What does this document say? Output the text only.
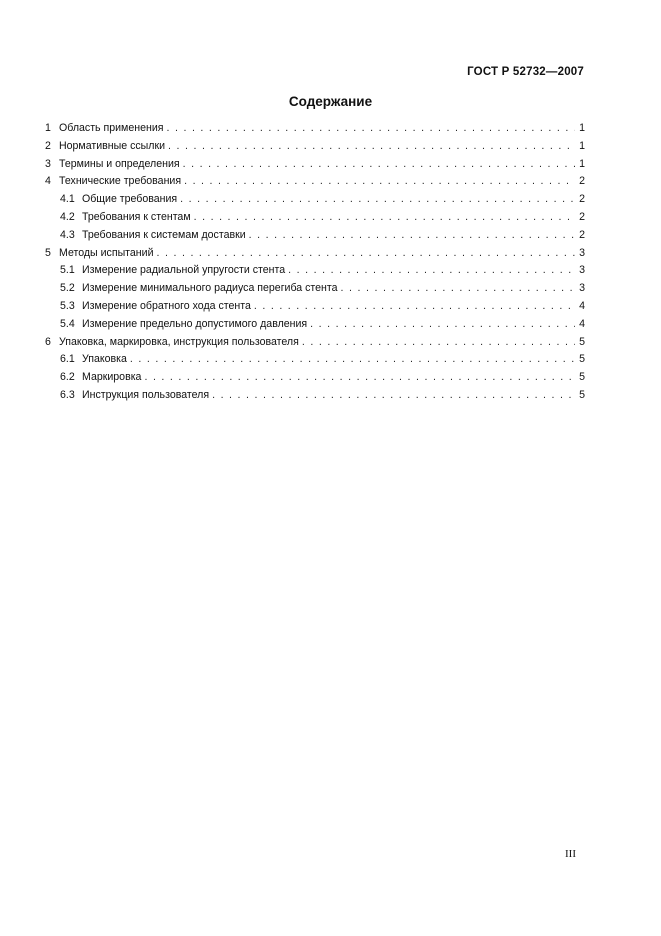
ГОСТ Р 52732—2007
Содержание
1 Область применения . . .	1
2 Нормативные ссылки . . .	1
3 Термины и определения . . .	1
4 Технические требования . . .	2
4.1 Общие требования . . .	2
4.2 Требования к стентам . . .	2
4.3 Требования к системам доставки . . .	2
5 Методы испытаний . . .	3
5.1 Измерение радиальной упругости стента . . .	3
5.2 Измерение минимального радиуса перегиба стента . . .	3
5.3 Измерение обратного хода стента . . .	4
5.4 Измерение предельно допустимого давления . . .	4
6 Упаковка, маркировка, инструкция пользователя . . .	5
6.1 Упаковка . . .	5
6.2 Маркировка . . .	5
6.3 Инструкция пользователя . . .	5
III
